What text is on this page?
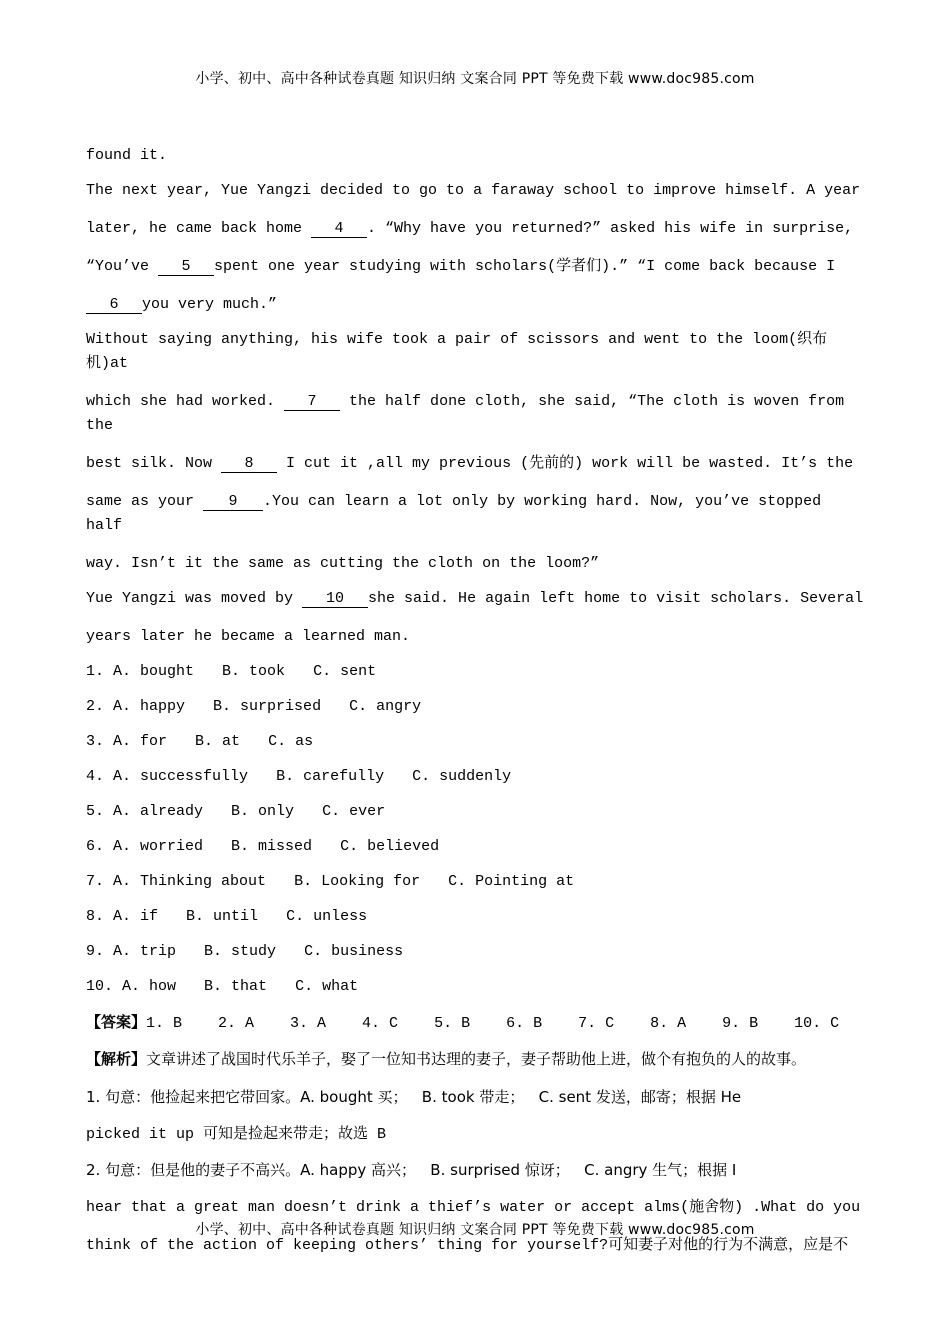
小学、初中、高中各种试卷真题 知识归纳 文案合同 PPT 等免费下载 www.doc985.com

found it.

The next year, Yue Yangzi decided to go to a faraway school to improve himself. A year

later, he came back home 4 . “Why have you returned?” asked his wife in surprise,

“You’ve 5 spent one year studying with scholars(学者们).” “I come back because I

6 you very much.”

Without saying anything, his wife took a pair of scissors and went to the loom(织布机)at

which she had worked. 7 the half done cloth, she said, “The cloth is woven from the

best silk. Now 8 I cut it ,all my previous (先前的) work will be wasted. It’s the

same as your 9 .You can learn a lot only by working hard. Now, you’ve stopped half

way. Isn’t it the same as cutting the cloth on the loom?”

Yue Yangzi was moved by 10 she said. He again left home to visit scholars. Several

years later he became a learned man.

1. A. bought B. took C. sent

2. A. happy B. surprised C. angry

3. A. for B. at C. as

4. A. successfully B. carefully C. suddenly

5. A. already B. only C. ever

6. A. worried B. missed C. believed

7. A. Thinking about B. Looking for C. Pointing at

8. A. if B. until C. unless

9. A. trip B. study C. business

10. A. how B. that C. what

【答案】1. B    2. A    3. A    4. C    5. B    6. B    7. C    8. A    9. B    10. C

【解析】文章讲述了战国时代乐羊子，娶了一位知书达理的妻子，妻子帮助他上进，做个有抱负的人的故事。

1. 句意：他捡起来把它带回家。A. bought 买；   B. took 带走；   C. sent 发送，邮寄；根据 He

picked it up 可知是捡起来带走；故选 B

2. 句意：但是他的妻子不高兴。A. happy 高兴；   B. surprised 惊讶；   C. angry 生气；根据 I

hear that a great man doesn’t drink a thief’s water or accept alms(施舍物) .What do you

think of the action of keeping others’ thing for yourself?可知妻子对他的行为不满意，应是不

小学、初中、高中各种试卷真题 知识归纳 文案合同 PPT 等免费下载 www.doc985.com
